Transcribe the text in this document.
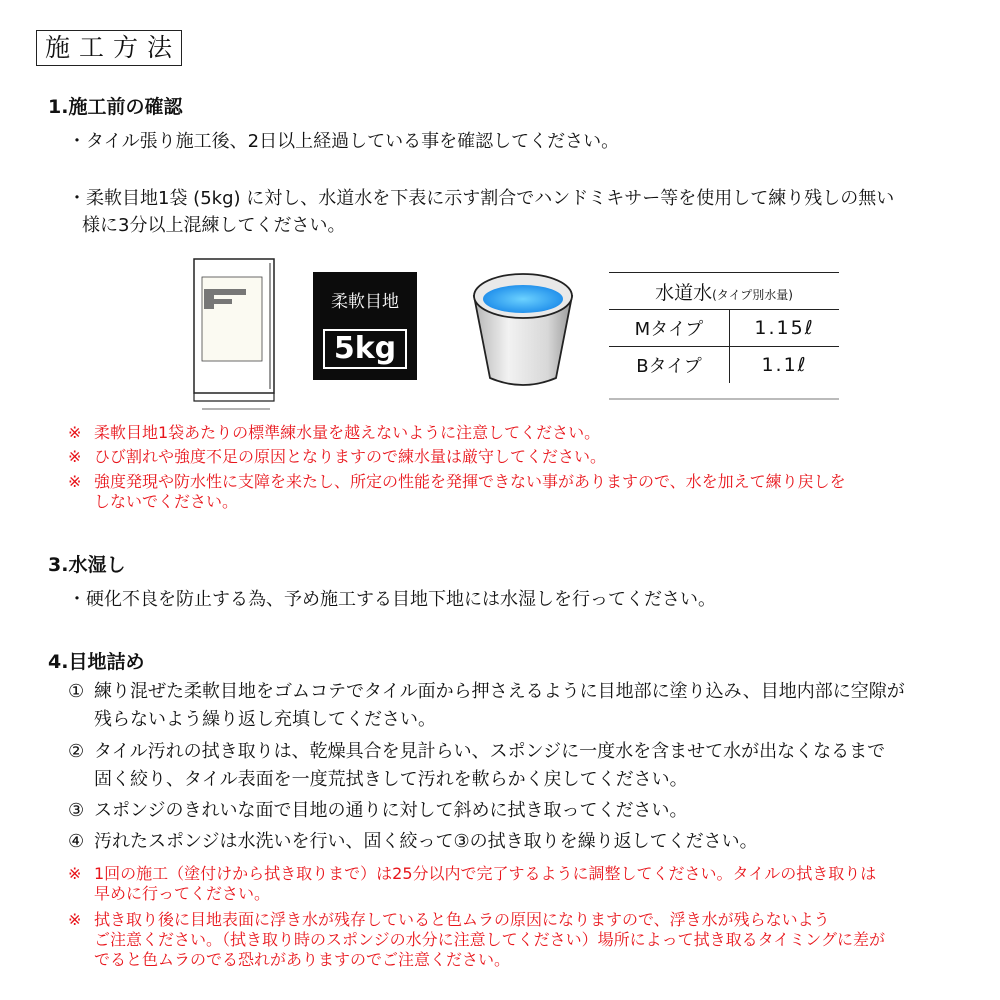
施工方法
1.施工前の確認
・タイル張り施工後、2日以上経過している事を確認してください。
・柔軟目地1袋 (5kg) に対し、水道水を下表に示す割合でハンドミキサー等を使用して練り残しの無い
様に3分以上混練してください。
柔軟目地
5kg
水道水(タイプ別水量)	
Mタイプ	1.15ℓ
Bタイプ	1.1ℓ
※ 柔軟目地1袋あたりの標準練水量を越えないように注意してください。
※ ひび割れや強度不足の原因となりますので練水量は厳守してください。
※ 強度発現や防水性に支障を来たし、所定の性能を発揮できない事がありますので、水を加えて練り戻しを
しないでください。
3.水湿し
・硬化不良を防止する為、予め施工する目地下地には水湿しを行ってください。
4.目地詰め
① 練り混ぜた柔軟目地をゴムコテでタイル面から押さえるように目地部に塗り込み、目地内部に空隙が
残らないよう繰り返し充填してください。
② タイル汚れの拭き取りは、乾燥具合を見計らい、スポンジに一度水を含ませて水が出なくなるまで
固く絞り、タイル表面を一度荒拭きして汚れを軟らかく戻してください。
③ スポンジのきれいな面で目地の通りに対して斜めに拭き取ってください。
④ 汚れたスポンジは水洗いを行い、固く絞って③の拭き取りを繰り返してください。
※ 1回の施工（塗付けから拭き取りまで）は25分以内で完了するように調整してください。タイルの拭き取りは
早めに行ってください。
※ 拭き取り後に目地表面に浮き水が残存していると色ムラの原因になりますので、浮き水が残らないよう
ご注意ください。（拭き取り時のスポンジの水分に注意してください）場所によって拭き取るタイミングに差が
でると色ムラのでる恐れがありますのでご注意ください。
